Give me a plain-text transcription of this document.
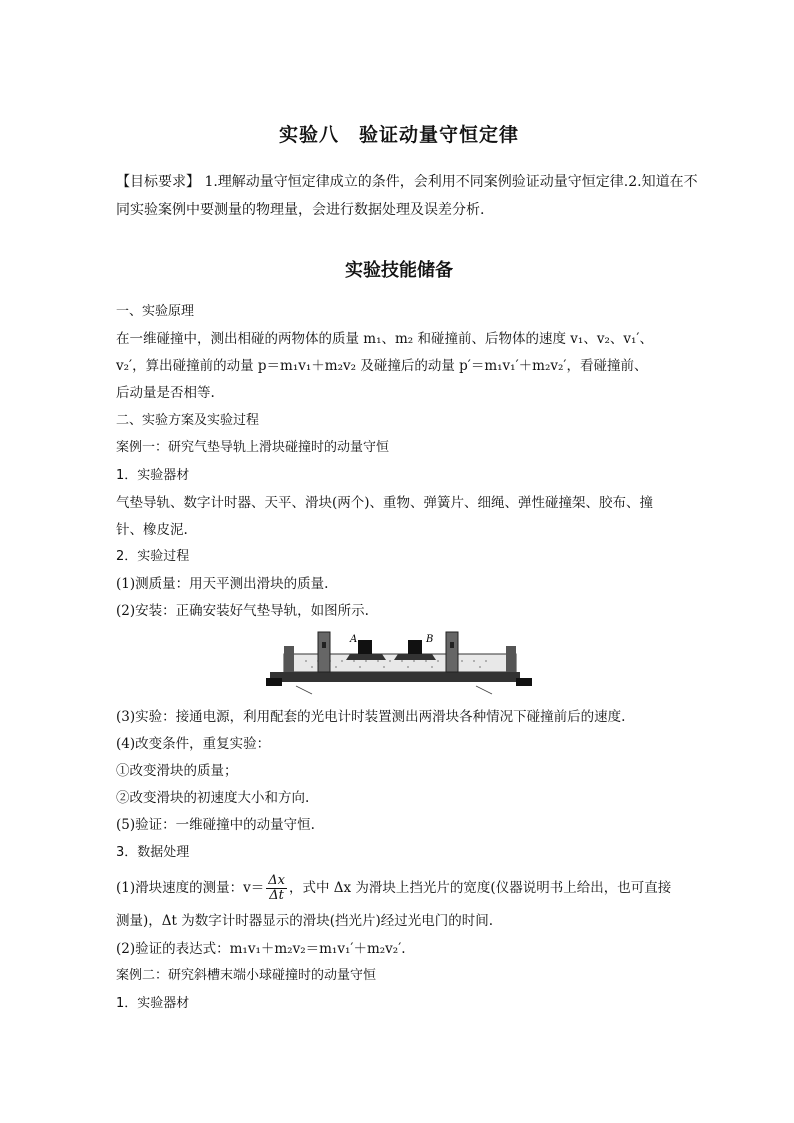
实验八　验证动量守恒定律
【目标要求】 1.理解动量守恒定律成立的条件，会利用不同案例验证动量守恒定律.2.知道在不
同实验案例中要测量的物理量，会进行数据处理及误差分析.
实验技能储备
一、实验原理
在一维碰撞中，测出相碰的两物体的质量 m₁、m₂ 和碰撞前、后物体的速度 v₁、v₂、v₁′、
v₂′，算出碰撞前的动量 p＝m₁v₁＋m₂v₂ 及碰撞后的动量 p′＝m₁v₁′＋m₂v₂′，看碰撞前、
后动量是否相等.
二、实验方案及实验过程
案例一：研究气垫导轨上滑块碰撞时的动量守恒
1．实验器材
气垫导轨、数字计时器、天平、滑块(两个)、重物、弹簧片、细绳、弹性碰撞架、胶布、撞
针、橡皮泥.
2．实验过程
(1)测质量：用天平测出滑块的质量.
(2)安装：正确安装好气垫导轨，如图所示.
A	B
(3)实验：接通电源，利用配套的光电计时装置测出两滑块各种情况下碰撞前后的速度.
(4)改变条件，重复实验：
①改变滑块的质量；
②改变滑块的初速度大小和方向.
(5)验证：一维碰撞中的动量守恒.
3．数据处理
(1)滑块速度的测量：$v= \frac{\Delta x}{\Delta t}$ ，式中 Δx 为滑块上挡光片的宽度(仪器说明书上给出，也可直接
测量)，Δt 为数字计时器显示的滑块(挡光片)经过光电门的时间.
(2)验证的表达式：m₁v₁＋m₂v₂＝m₁v₁′＋m₂v₂′.
案例二：研究斜槽末端小球碰撞时的动量守恒
1．实验器材
